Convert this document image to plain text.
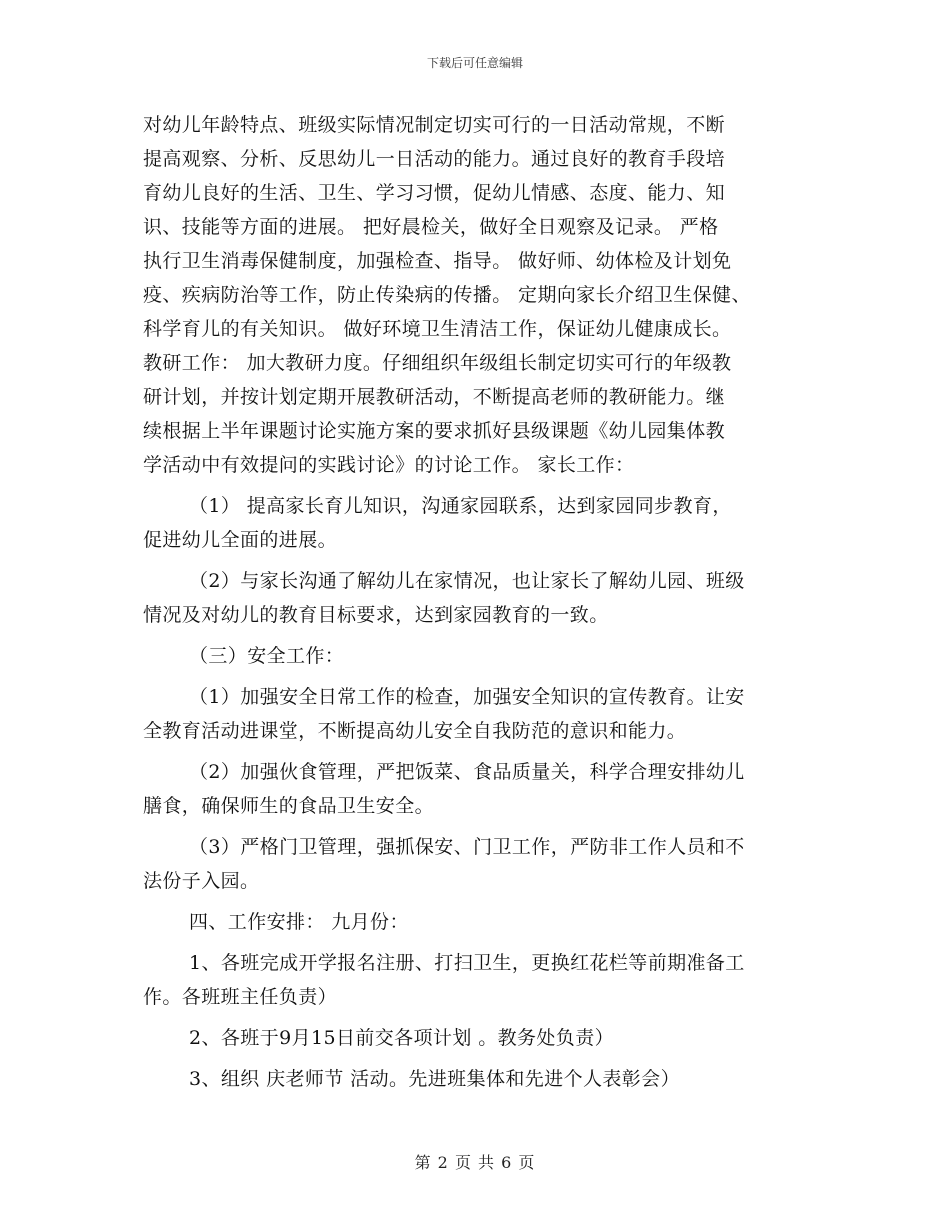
下载后可任意编辑
对幼儿年龄特点、班级实际情况制定切实可行的一日活动常规，不断
提高观察、分析、反思幼儿一日活动的能力。通过良好的教育手段培
育幼儿良好的生活、卫生、学习习惯，促幼儿情感、态度、能力、知
识、技能等方面的进展。 把好晨检关，做好全日观察及记录。 严格
执行卫生消毒保健制度，加强检查、指导。 做好师、幼体检及计划免
疫、疾病防治等工作，防止传染病的传播。 定期向家长介绍卫生保健、
科学育儿的有关知识。 做好环境卫生清洁工作，保证幼儿健康成长。
教研工作： 加大教研力度。仔细组织年级组长制定切实可行的年级教
研计划，并按计划定期开展教研活动，不断提高老师的教研能力。继
续根据上半年课题讨论实施方案的要求抓好县级课题《幼儿园集体教
学活动中有效提问的实践讨论》的讨论工作。 家长工作：
（1） 提高家长育儿知识，沟通家园联系，达到家园同步教育，
促进幼儿全面的进展。
（2）与家长沟通了解幼儿在家情况，也让家长了解幼儿园、班级
情况及对幼儿的教育目标要求，达到家园教育的一致。
（三）安全工作：
（1）加强安全日常工作的检查，加强安全知识的宣传教育。让安
全教育活动进课堂，不断提高幼儿安全自我防范的意识和能力。
（2）加强伙食管理，严把饭菜、食品质量关，科学合理安排幼儿
膳食，确保师生的食品卫生安全。
（3）严格门卫管理，强抓保安、门卫工作，严防非工作人员和不
法份子入园。
四、工作安排： 九月份：
1、各班完成开学报名注册、打扫卫生，更换红花栏等前期准备工
作。各班班主任负责）
2、各班于9月15日前交各项计划 。教务处负责）
3、组织 庆老师节 活动。先进班集体和先进个人表彰会）
第 2 页 共 6 页
